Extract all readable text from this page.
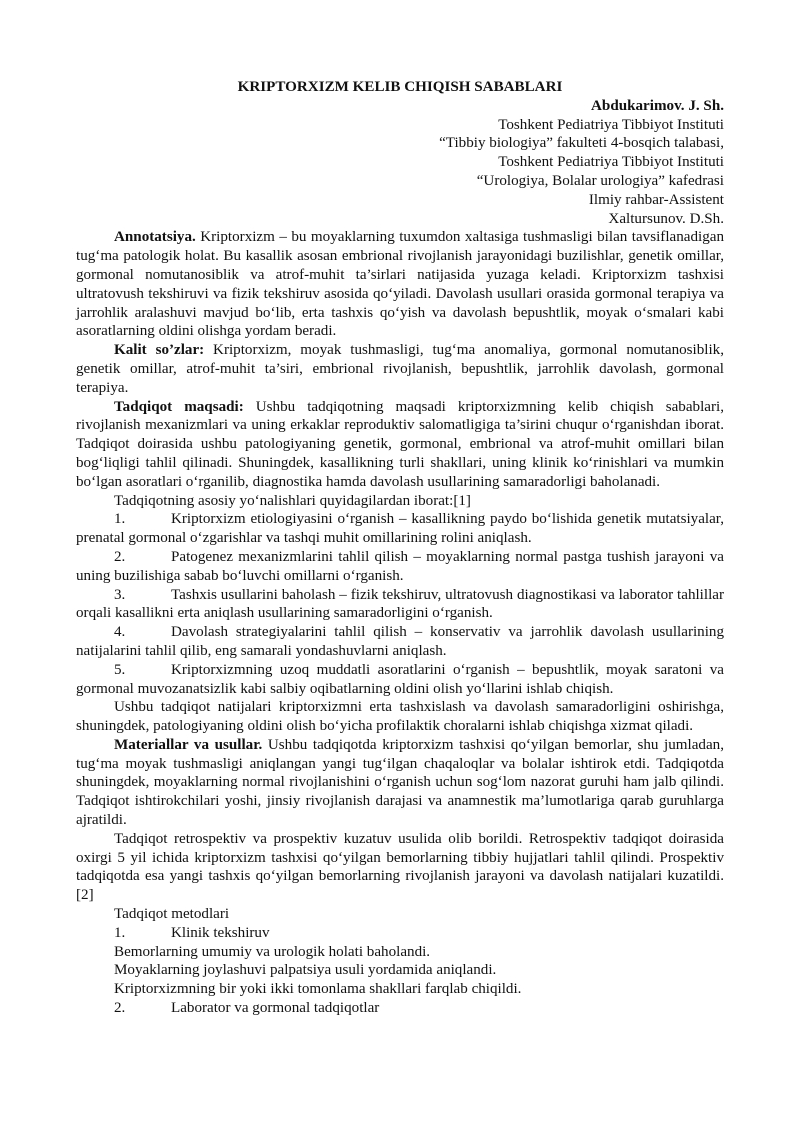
KRIPTORXIZM KELIB CHIQISH SABABLARI

Abdukarimov. J. Sh.

Toshkent Pediatriya Tibbiyot Instituti

“Tibbiy biologiya” fakulteti 4-bosqich talabasi,

Toshkent Pediatriya Tibbiyot Instituti

“Urologiya, Bolalar urologiya” kafedrasi

Ilmiy rahbar-Assistent

Xaltursunov. D.Sh.

Annotatsiya. Kriptorxizm – bu moyaklarning tuxumdon xaltasiga tushmasligi bilan tavsiflanadigan tug‘ma patologik holat. Bu kasallik asosan embrional rivojlanish jarayonidagi buzilishlar, genetik omillar, gormonal nomutanosiblik va atrof-muhit ta’sirlari natijasida yuzaga keladi. Kriptorxizm tashxisi ultratovush tekshiruvi va fizik tekshiruv asosida qo‘yiladi. Davolash usullari orasida gormonal terapiya va jarrohlik aralashuvi mavjud bo‘lib, erta tashxis qo‘yish va davolash bepushtlik, moyak o‘smalari kabi asoratlarning oldini olishga yordam beradi.

Kalit so’zlar: Kriptorxizm, moyak tushmasligi, tug‘ma anomaliya, gormonal nomutanosiblik, genetik omillar, atrof-muhit ta’siri, embrional rivojlanish, bepushtlik, jarrohlik davolash, gormonal terapiya.

Tadqiqot maqsadi: Ushbu tadqiqotning maqsadi kriptorxizmning kelib chiqish sabablari, rivojlanish mexanizmlari va uning erkaklar reproduktiv salomatligiga ta’sirini chuqur o‘rganishdan iborat. Tadqiqot doirasida ushbu patologiyaning genetik, gormonal, embrional va atrof-muhit omillari bilan bog‘liqligi tahlil qilinadi. Shuningdek, kasallikning turli shakllari, uning klinik ko‘rinishlari va mumkin bo‘lgan asoratlari o‘rganilib, diagnostika hamda davolash usullarining samaradorligi baholanadi.

Tadqiqotning asosiy yo‘nalishlari quyidagilardan iborat:[1]

1.	Kriptorxizm etiologiyasini o‘rganish – kasallikning paydo bo‘lishida genetik mutatsiyalar, prenatal gormonal o‘zgarishlar va tashqi muhit omillarining rolini aniqlash.

2.	Patogenez mexanizmlarini tahlil qilish – moyaklarning normal pastga tushish jarayoni va uning buzilishiga sabab bo‘luvchi omillarni o‘rganish.

3.	Tashxis usullarini baholash – fizik tekshiruv, ultratovush diagnostikasi va laborator tahlillar orqali kasallikni erta aniqlash usullarining samaradorligini o‘rganish.

4.	Davolash strategiyalarini tahlil qilish – konservativ va jarrohlik davolash usullarining natijalarini tahlil qilib, eng samarali yondashuvlarni aniqlash.

5.	Kriptorxizmning uzoq muddatli asoratlarini o‘rganish – bepushtlik, moyak saratoni va gormonal muvozanatsizlik kabi salbiy oqibatlarning oldini olish yo‘llarini ishlab chiqish.

Ushbu tadqiqot natijalari kriptorxizmni erta tashxislash va davolash samaradorligini oshirishga, shuningdek, patologiyaning oldini olish bo‘yicha profilaktik choralarni ishlab chiqishga xizmat qiladi.

Materiallar va usullar. Ushbu tadqiqotda kriptorxizm tashxisi qo‘yilgan bemorlar, shu jumladan, tug‘ma moyak tushmasligi aniqlangan yangi tug‘ilgan chaqaloqlar va bolalar ishtirok etdi. Tadqiqotda shuningdek, moyaklarning normal rivojlanishini o‘rganish uchun sog‘lom nazorat guruhi ham jalb qilindi. Tadqiqot ishtirokchilari yoshi, jinsiy rivojlanish darajasi va anamnestik ma’lumotlariga qarab guruhlarga ajratildi.

Tadqiqot retrospektiv va prospektiv kuzatuv usulida olib borildi. Retrospektiv tadqiqot doirasida oxirgi 5 yil ichida kriptorxizm tashxisi qo‘yilgan bemorlarning tibbiy hujjatlari tahlil qilindi. Prospektiv tadqiqotda esa yangi tashxis qo‘yilgan bemorlarning rivojlanish jarayoni va davolash natijalari kuzatildi.[2]

Tadqiqot metodlari

1.	Klinik tekshiruv

Bemorlarning umumiy va urologik holati baholandi.

Moyaklarning joylashuvi palpatsiya usuli yordamida aniqlandi.

Kriptorxizmning bir yoki ikki tomonlama shakllari farqlab chiqildi.

2.	Laborator va gormonal tadqiqotlar
